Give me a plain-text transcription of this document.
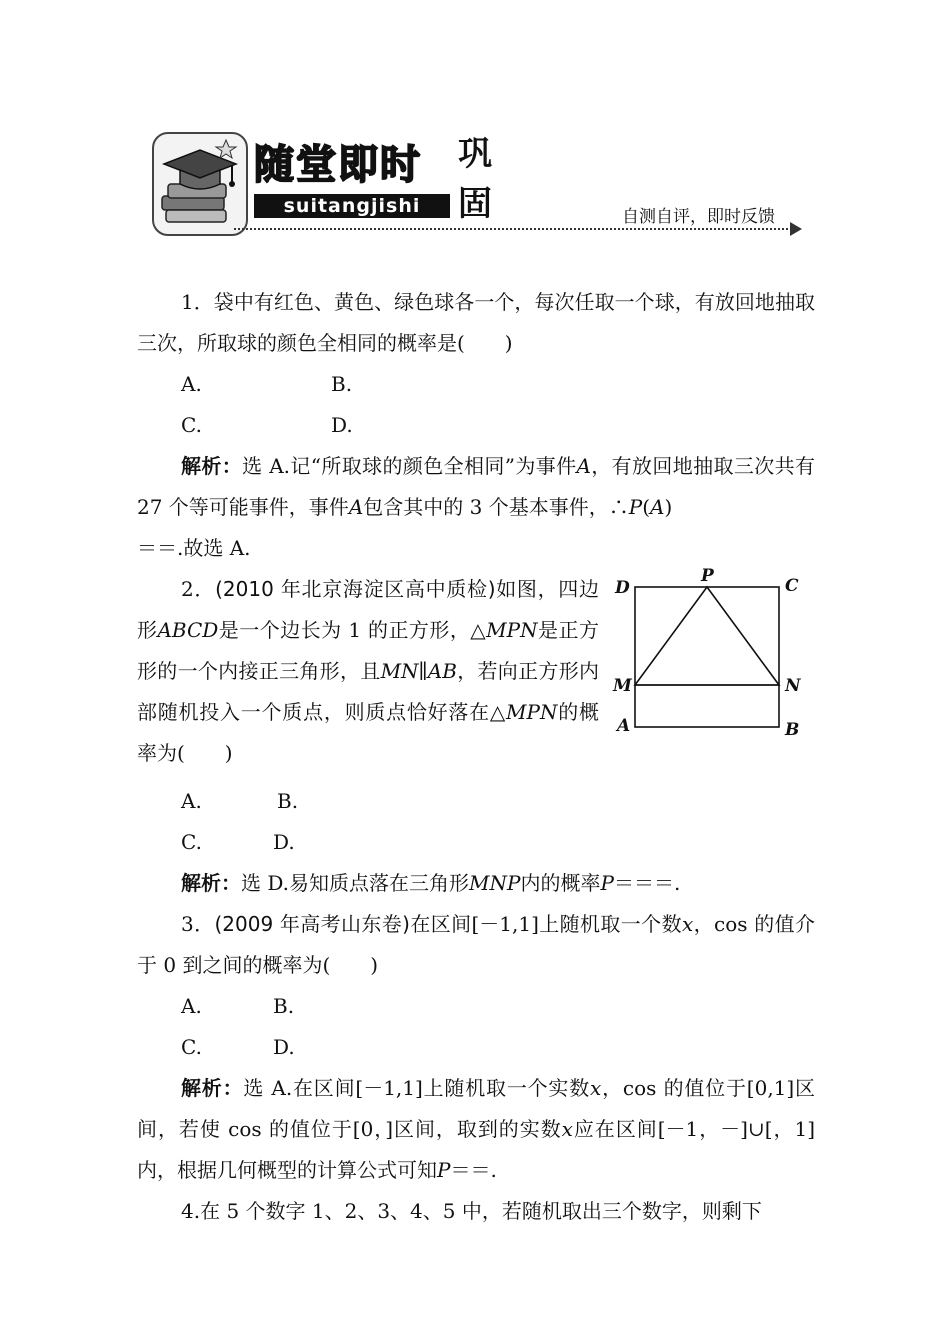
随 堂 即 时
suitangjishi
巩
固	自测自评，即时反馈

1．袋中有红色、黄色、绿色球各一个，每次任取一个球，有放回地抽取三次，所取球的颜色全相同的概率是(　　)

A.	B.
C.	D.

解析：选 A.记“所取球的颜色全相同”为事件A，有放回地抽取三次共有 27 个等可能事件，事件A包含其中的 3 个基本事件，∴P(A)
＝＝.故选 A.

2．(2010 年北京海淀区高中质检)如图，四边形ABCD是一个边长为 1 的正方形，△MPN是正方形的一个内接正三角形，且MN∥AB，若向正方形内部随机投入一个质点，则质点恰好落在△MPN的概率为(　　)

P	C
D
M	N
A	B
A.	B.
C.	D.

解析：选 D.易知质点落在三角形MNP内的概率P＝＝＝.

3．(2009 年高考山东卷)在区间[－1,1]上随机取一个数x，cos 的值介于 0 到之间的概率为(　　)

A.	B.
C.	D.

解析：选 A.在区间[－1,1]上随机取一个实数x，cos 的值位于[0,1]区间，若使 cos 的值位于[0，]区间，取到的实数x应在区间[－1，－]∪[，1]内，根据几何概型的计算公式可知P＝＝.

4.在 5 个数字 1、2、3、4、5 中，若随机取出三个数字，则剩下
